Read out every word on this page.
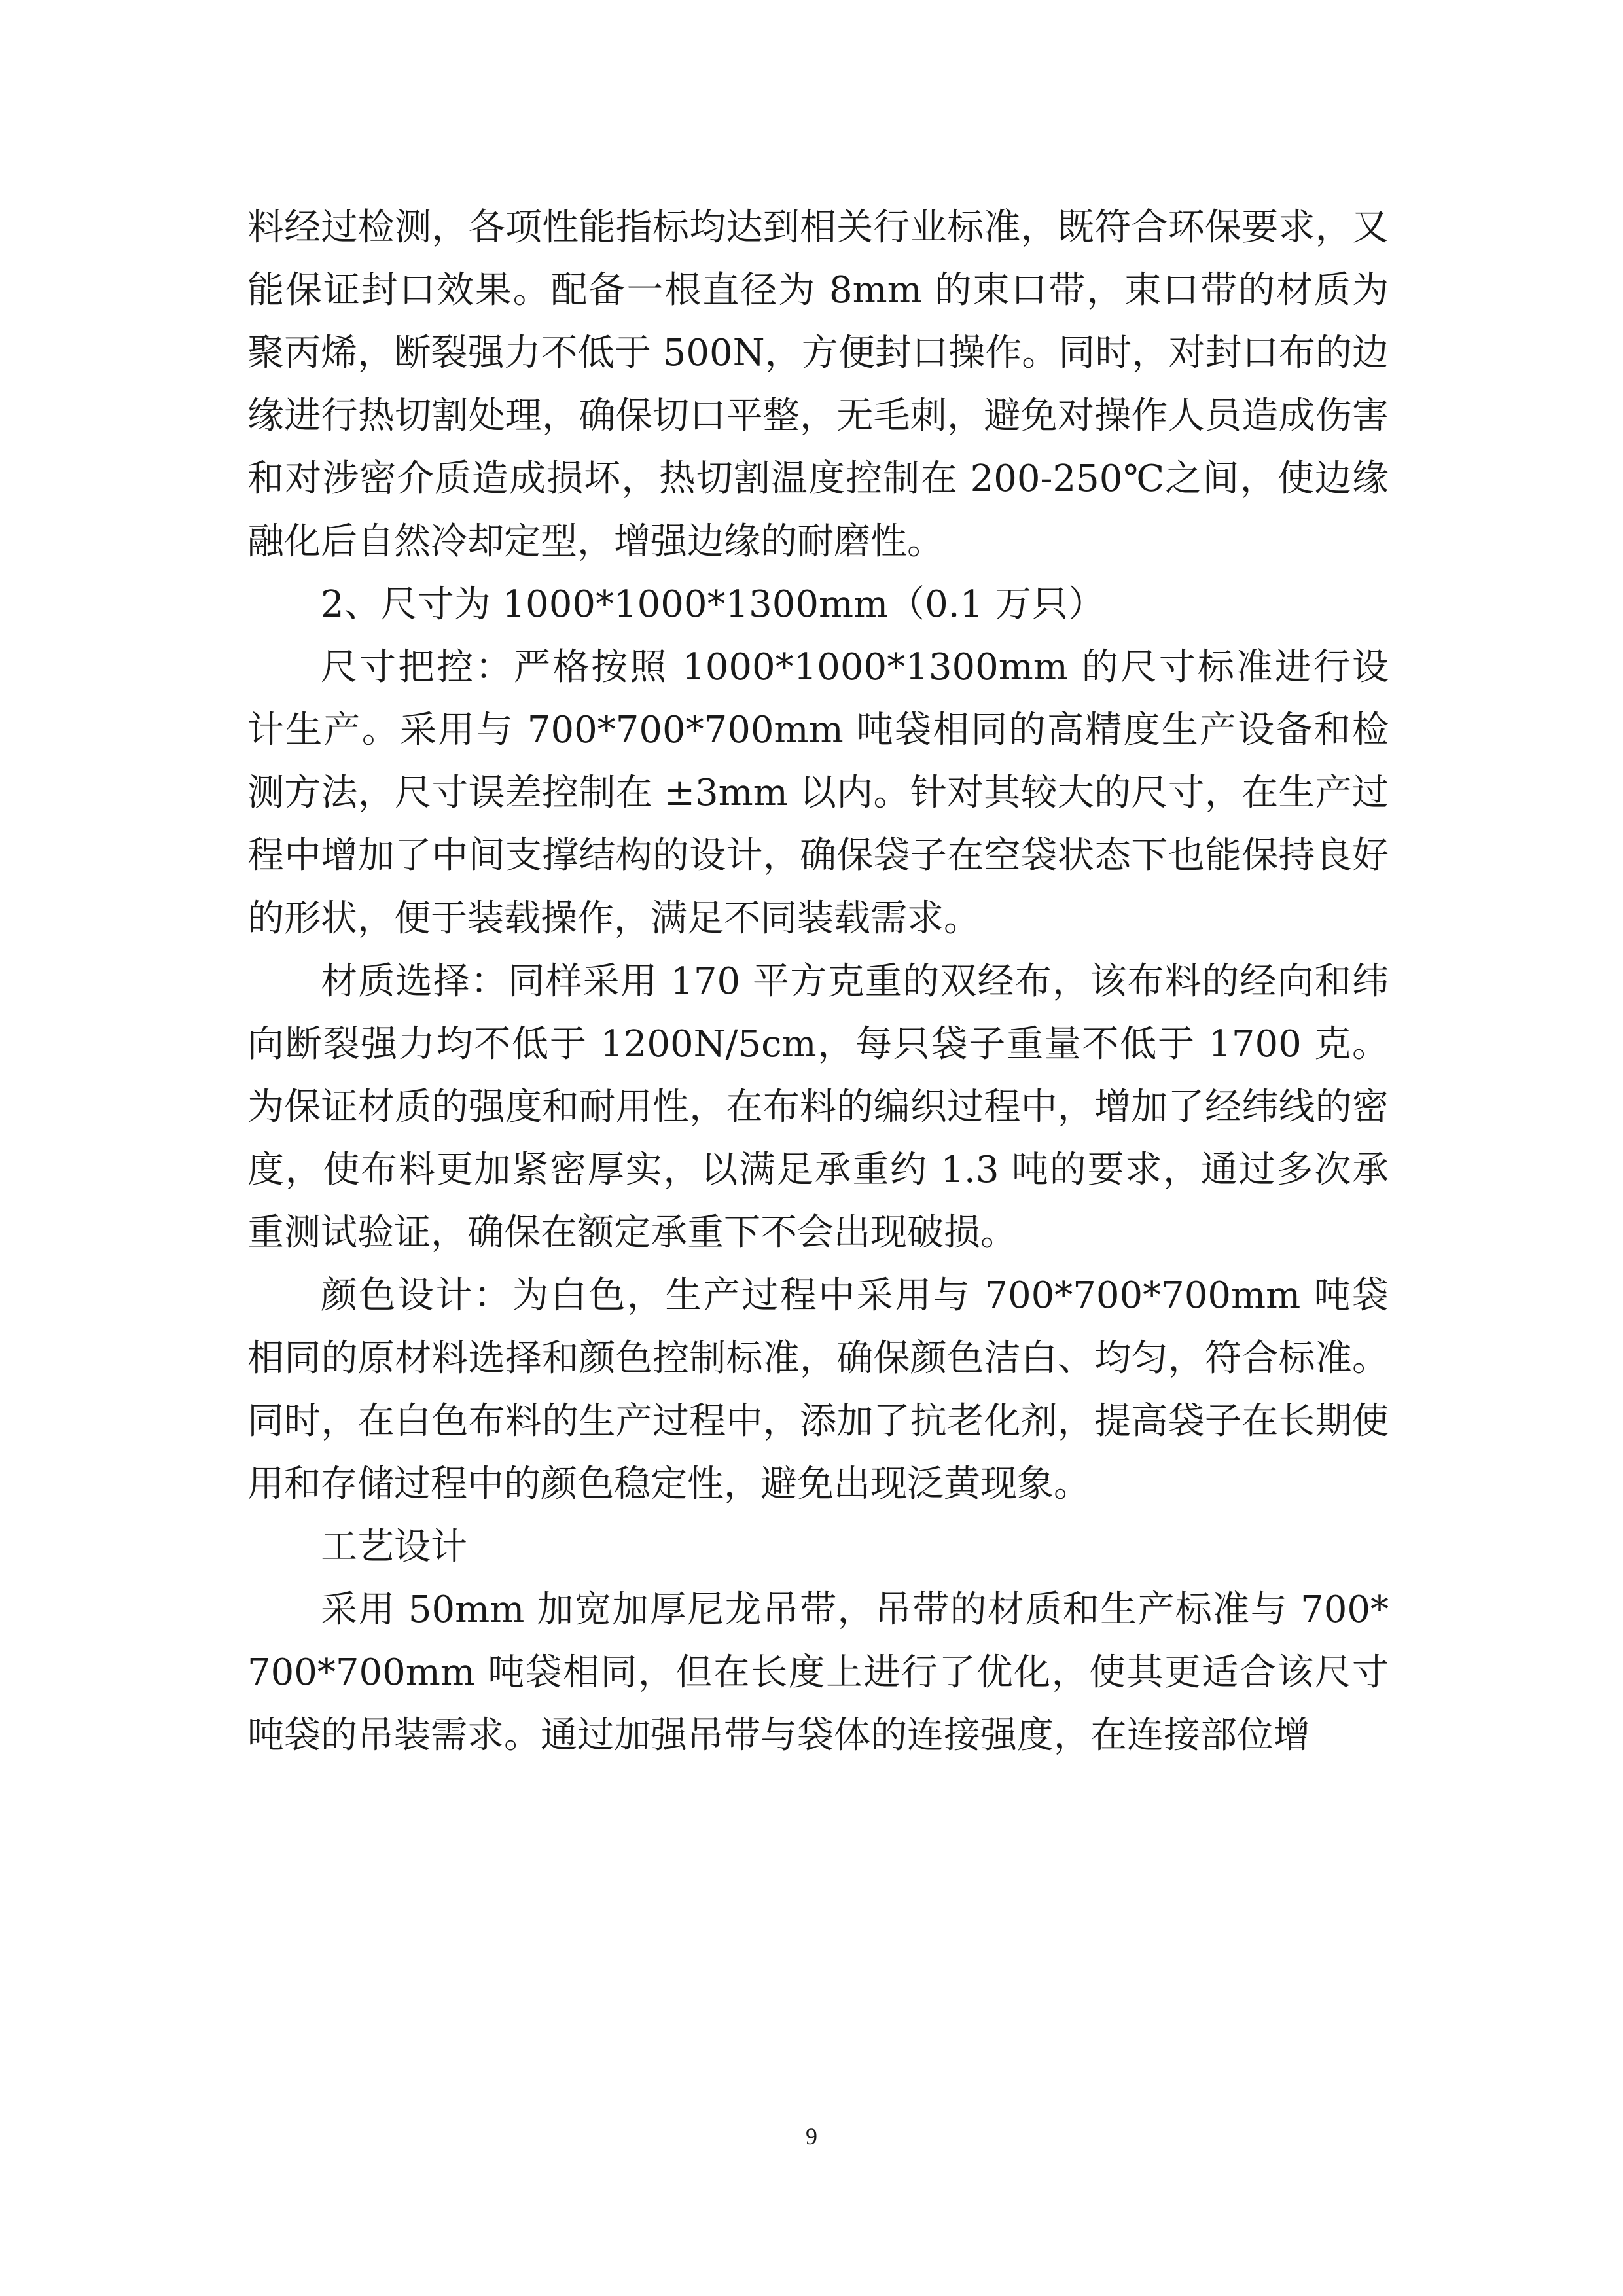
料经过检测，各项性能指标均达到相关行业标准，既符合环保要求，又能保证封口效果。配备一根直径为 8mm 的束口带，束口带的材质为聚丙烯，断裂强力不低于 500N，方便封口操作。同时，对封口布的边缘进行热切割处理，确保切口平整，无毛刺，避免对操作人员造成伤害和对涉密介质造成损坏，热切割温度控制在 200-250℃之间，使边缘融化后自然冷却定型，增强边缘的耐磨性。

2、尺寸为 1000*1000*1300mm（0.1 万只）

尺寸把控：严格按照 1000*1000*1300mm 的尺寸标准进行设计生产。采用与 700*700*700mm 吨袋相同的高精度生产设备和检测方法，尺寸误差控制在 ±3mm 以内。针对其较大的尺寸，在生产过程中增加了中间支撑结构的设计，确保袋子在空袋状态下也能保持良好的形状，便于装载操作，满足不同装载需求。

材质选择：同样采用 170 平方克重的双经布，该布料的经向和纬向断裂强力均不低于 1200N/5cm，每只袋子重量不低于 1700 克。为保证材质的强度和耐用性，在布料的编织过程中，增加了经纬线的密度，使布料更加紧密厚实，以满足承重约 1.3 吨的要求，通过多次承重测试验证，确保在额定承重下不会出现破损。

颜色设计：为白色，生产过程中采用与 700*700*700mm 吨袋相同的原材料选择和颜色控制标准，确保颜色洁白、均匀，符合标准。同时，在白色布料的生产过程中，添加了抗老化剂，提高袋子在长期使用和存储过程中的颜色稳定性，避免出现泛黄现象。

工艺设计

采用 50mm 加宽加厚尼龙吊带，吊带的材质和生产标准与 700*700*700mm 吨袋相同，但在长度上进行了优化，使其更适合该尺寸吨袋的吊装需求。通过加强吊带与袋体的连接强度，在连接部位增

9
